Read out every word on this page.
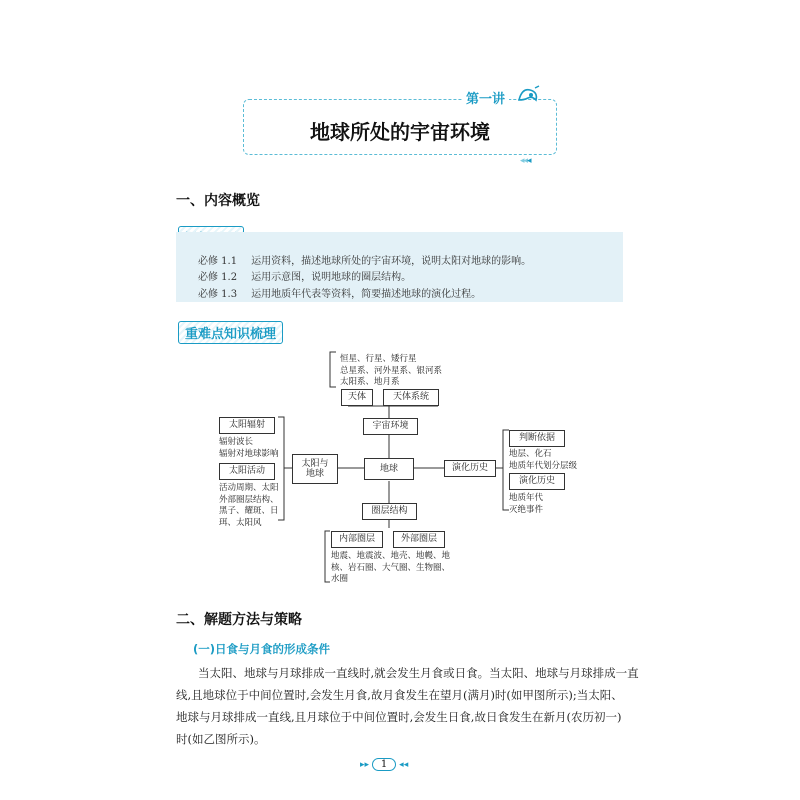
第一讲
地球所处的宇宙环境
◂◂◂
一、内容概览
必修 1.1 运用资料，描述地球所处的宇宙环境，说明太阳对地球的影响。
必修 1.2 运用示意图，说明地球的圈层结构。
必修 1.3 运用地质年代表等资料，简要描述地球的演化过程。
重难点知识梳理
恒星、行星、矮行星
总星系、河外星系、银河系
太阳系、地月系
天体	天体系统
宇宙环境
地球
太阳与
地球
太阳辐射
辐射波长
辐射对地球影响
太阳活动
活动周期、太阳
外部圈层结构、
黑子、耀斑、日
珥、太阳风
演化历史
判断依据
地层、化石
地质年代划分层级
演化历史
地质年代
灭绝事件
圈层结构
内部圈层	外部圈层
地震、地震波、地壳、地幔、地
核、岩石圈、大气圈、生物圈、
水圈
二、解题方法与策略
(一)日食与月食的形成条件
当太阳、地球与月球排成一直线时,就会发生月食或日食。当太阳、地球与月球排成一直
线,且地球位于中间位置时,会发生月食,故月食发生在望月(满月)时(如甲图所示);当太阳、
地球与月球排成一直线,且月球位于中间位置时,会发生日食,故日食发生在新月(农历初一)
时(如乙图所示)。
▸▸ 1 ◂◂
